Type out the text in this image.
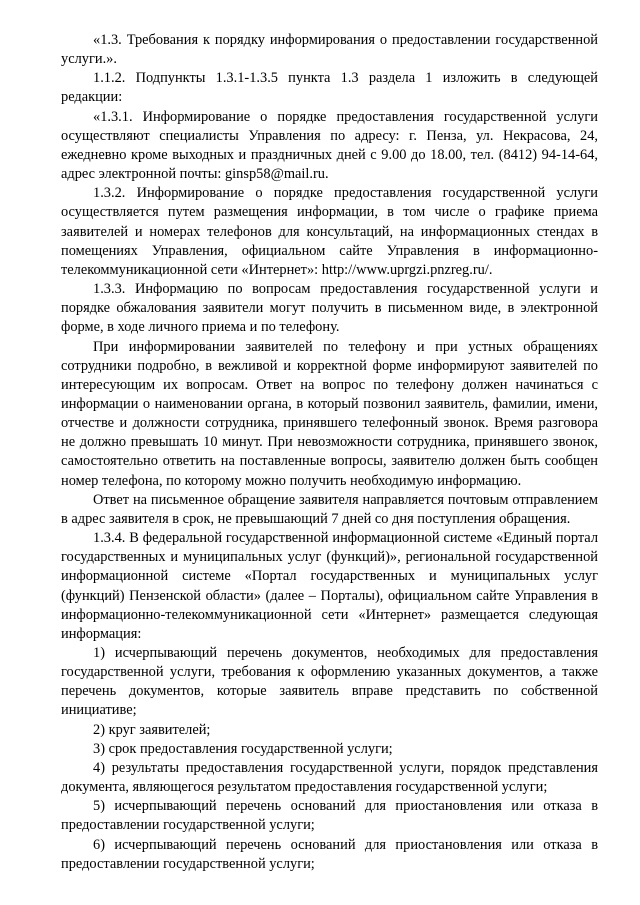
«1.3. Требования к порядку информирования о предоставлении государственной услуги.».

1.1.2. Подпункты 1.3.1-1.3.5 пункта 1.3 раздела 1 изложить в следующей редакции:

«1.3.1. Информирование о порядке предоставления государственной услуги осуществляют специалисты Управления по адресу: г. Пенза, ул. Некрасова, 24, ежедневно кроме выходных и праздничных дней с 9.00 до 18.00, тел. (8412) 94-14-64, адрес электронной почты: ginsp58@mail.ru.

1.3.2. Информирование о порядке предоставления государственной услуги осуществляется путем размещения информации, в том числе о графике приема заявителей и номерах телефонов для консультаций, на информационных стендах в помещениях Управления, официальном сайте Управления в информационно-телекоммуникационной сети «Интернет»: http://www.uprgzi.pnzreg.ru/.

1.3.3. Информацию по вопросам предоставления государственной услуги и порядке обжалования заявители могут получить в письменном виде, в электронной форме, в ходе личного приема и по телефону.

При информировании заявителей по телефону и при устных обращениях сотрудники подробно, в вежливой и корректной форме информируют заявителей по интересующим их вопросам. Ответ на вопрос по телефону должен начинаться с информации о наименовании органа, в который позвонил заявитель, фамилии, имени, отчестве и должности сотрудника, принявшего телефонный звонок. Время разговора не должно превышать 10 минут. При невозможности сотрудника, принявшего звонок, самостоятельно ответить на поставленные вопросы, заявителю должен быть сообщен номер телефона, по которому можно получить необходимую информацию.

Ответ на письменное обращение заявителя направляется почтовым отправлением в адрес заявителя в срок, не превышающий 7 дней со дня поступления обращения.

1.3.4. В федеральной государственной информационной системе «Единый портал государственных и муниципальных услуг (функций)», региональной государственной информационной системе «Портал государственных и муниципальных услуг (функций) Пензенской области» (далее – Порталы), официальном сайте Управления в информационно-телекоммуникационной сети «Интернет» размещается следующая информация:

1) исчерпывающий перечень документов, необходимых для предоставления государственной услуги, требования к оформлению указанных документов, а также перечень документов, которые заявитель вправе представить по собственной инициативе;

2) круг заявителей;

3) срок предоставления государственной услуги;

4) результаты предоставления государственной услуги, порядок представления документа, являющегося результатом предоставления государственной услуги;

5) исчерпывающий перечень оснований для приостановления или отказа в предоставлении государственной услуги;

6) исчерпывающий перечень оснований для приостановления или отказа в предоставлении государственной услуги;
